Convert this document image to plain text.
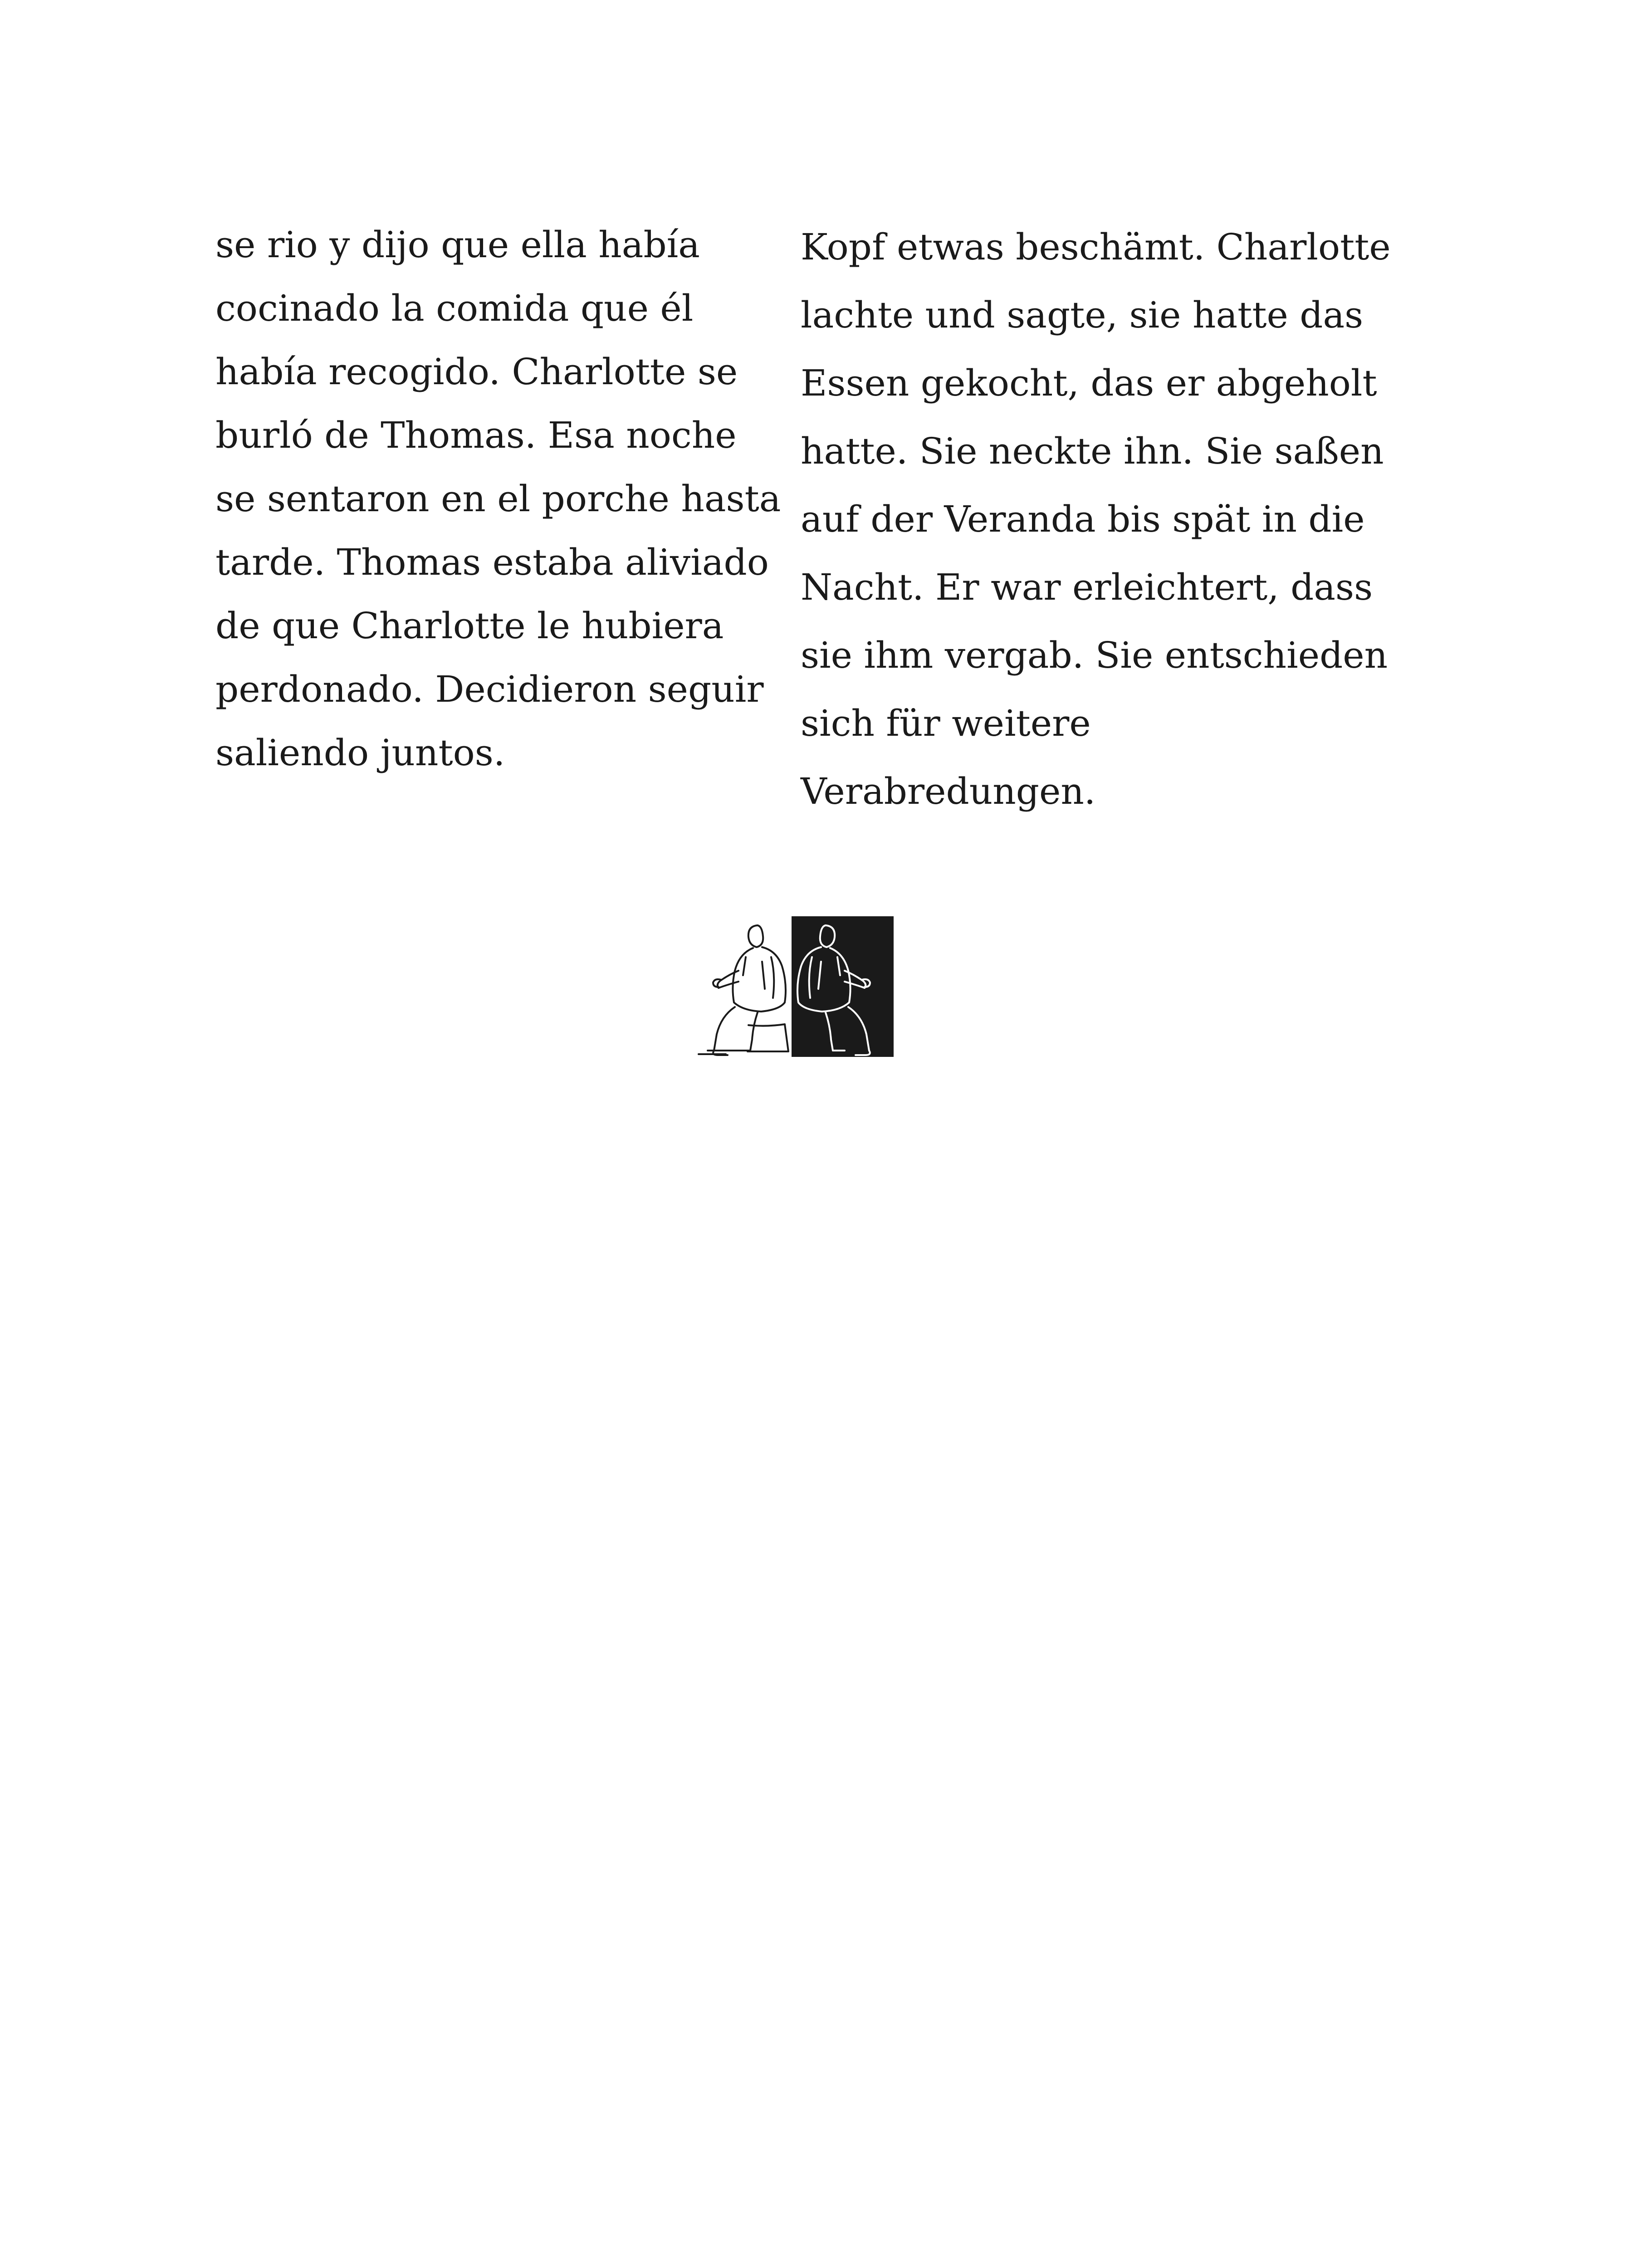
se rio y dijo que ella había
cocinado la comida que él
había recogido. Charlotte se
burló de Thomas. Esa noche
se sentaron en el porche hasta
tarde. Thomas estaba aliviado
de que Charlotte le hubiera
perdonado. Decidieron seguir
saliendo juntos.
Kopf etwas beschämt. Charlotte
lachte und sagte, sie hatte das
Essen gekocht, das er abgeholt
hatte. Sie neckte ihn. Sie saßen
auf der Veranda bis spät in die
Nacht. Er war erleichtert, dass
sie ihm vergab. Sie entschieden
sich für weitere
Verabredungen.
